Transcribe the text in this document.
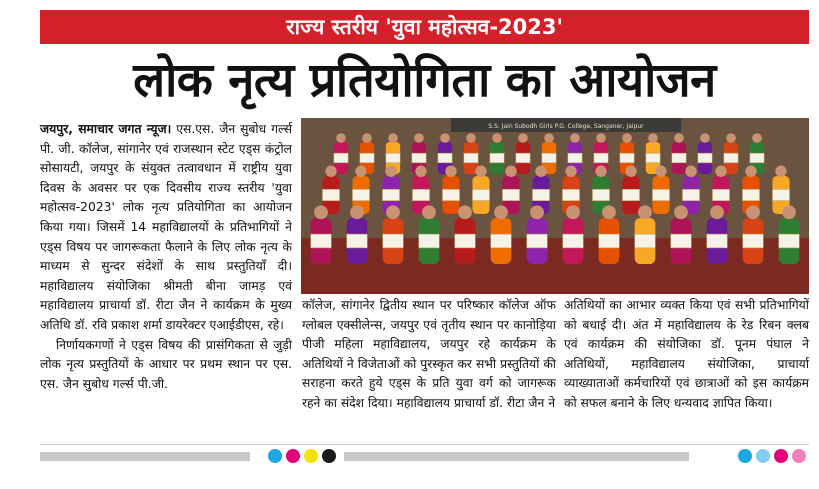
राज्य स्तरीय 'युवा महोत्सव-2023'
लोक नृत्य प्रतियोगिता का आयोजन

जयपुर, समाचार जगत न्यूज। एस.एस. जैन सुबोध गर्ल्स पी. जी. कॉलेज, सांगानेर एवं राजस्थान स्टेट एड्स कंट्रोल सोसायटी, जयपुर के संयुक्त तत्वावधान में राष्ट्रीय युवा दिवस के अवसर पर एक दिवसीय राज्य स्तरीय 'युवा महोत्सव-2023' लोक नृत्य प्रतियोगिता का आयोजन किया गया। जिसमें 14 महाविद्यालयों के प्रतिभागियों ने एड्स विषय पर जागरूकता फैलाने के लिए लोक नृत्य के माध्यम से सुन्दर संदेशों के साथ प्रस्तुतियाँ दी। महाविद्यालय संयोजिका श्रीमती बीना जामड़ एवं महाविद्यालय प्राचार्या डॉ. रीटा जैन ने कार्यक्रम के मुख्य अतिथि डॉ. रवि प्रकाश शर्मा डायरेक्टर एआईडीएस, रहे।

निर्णायकगणों ने एड्स विषय की प्रासंगिकता से जुड़ी लोक नृत्य प्रस्तुतियों के आधार पर प्रथम स्थान पर एस. एस. जैन सुबोध गर्ल्स पी.जी.

S.S. Jain Subodh Girls P.G. College, Sanganer, Jaipur

कॉलेज, सांगानेर द्वितीय स्थान पर परिष्कार कॉलेज ऑफ ग्लोबल एक्सीलेन्स, जयपुर एवं तृतीय स्थान पर कानोड़िया पीजी महिला महाविद्यालय, जयपुर रहे कार्यक्रम के अतिथियों ने विजेताओं को पुरस्कृत कर सभी प्रस्तुतियों की सराहना करते हुये एड्स के प्रति युवा वर्ग को जागरूक रहने का संदेश दिया। महाविद्यालय प्राचार्या डॉ. रीटा जैन ने

अतिथियों का आभार व्यक्त किया एवं सभी प्रतिभागियों को बधाई दी। अंत में महाविद्यालय के रेड रिबन क्लब एवं कार्यक्रम की संयोजिका डॉ. पूनम पंघाल ने अतिथियों, महाविद्यालय संयोजिका, प्राचार्या व्याख्याताओं कर्मचारियों एवं छात्राओं को इस कार्यक्रम को सफल बनाने के लिए धन्यवाद ज्ञापित किया।
